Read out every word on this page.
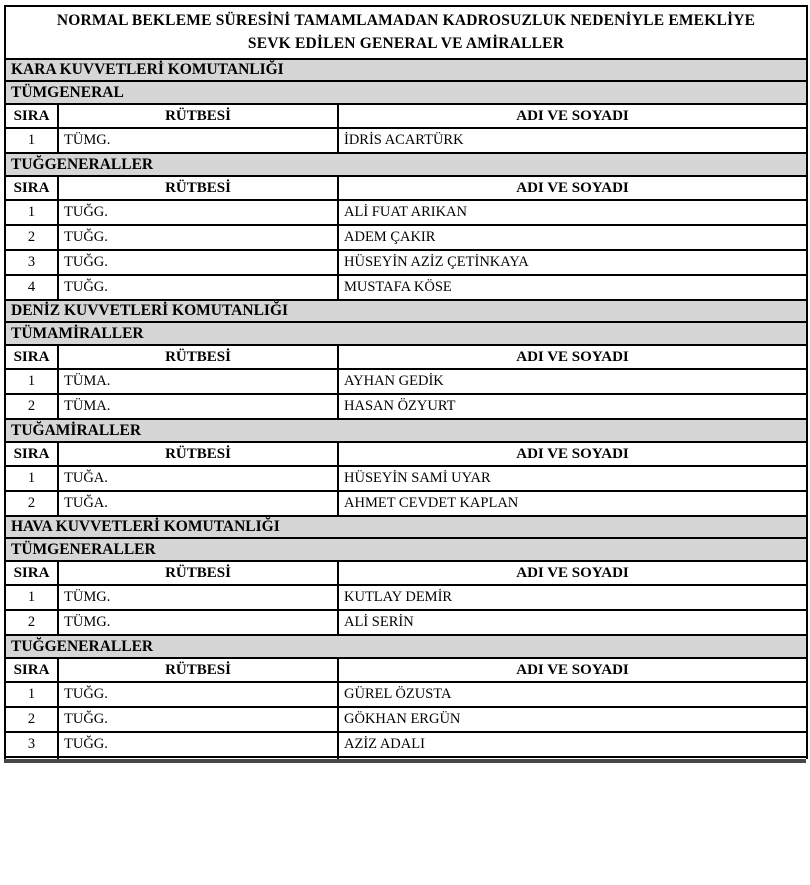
NORMAL BEKLEME SÜRESİNİ TAMAMLAMADAN KADROSUZLUK NEDENİYLE EMEKLİYE SEVK EDİLEN GENERAL VE AMİRALLER		
KARA KUVVETLERİ KOMUTANLIĞI		
TÜMGENERAL		
SIRA	RÜTBESİ	ADI VE SOYADI
1	TÜMG.	İDRİS ACARTÜRK
TUĞGENERALLER		
SIRA	RÜTBESİ	ADI VE SOYADI
1	TUĞG.	ALİ FUAT ARIKAN
2	TUĞG.	ADEM ÇAKIR
3	TUĞG.	HÜSEYİN AZİZ ÇETİNKAYA
4	TUĞG.	MUSTAFA KÖSE
DENİZ KUVVETLERİ KOMUTANLIĞI		
TÜMAMİRALLER		
SIRA	RÜTBESİ	ADI VE SOYADI
1	TÜMA.	AYHAN GEDİK
2	TÜMA.	HASAN ÖZYURT
TUĞAMİRALLER		
SIRA	RÜTBESİ	ADI VE SOYADI
1	TUĞA.	HÜSEYİN SAMİ UYAR
2	TUĞA.	AHMET CEVDET KAPLAN
HAVA KUVVETLERİ KOMUTANLIĞI		
TÜMGENERALLER		
SIRA	RÜTBESİ	ADI VE SOYADI
1	TÜMG.	KUTLAY DEMİR
2	TÜMG.	ALİ SERİN
TUĞGENERALLER		
SIRA	RÜTBESİ	ADI VE SOYADI
1	TUĞG.	GÜREL ÖZUSTA
2	TUĞG.	GÖKHAN ERGÜN
3	TUĞG.	AZİZ ADALI
